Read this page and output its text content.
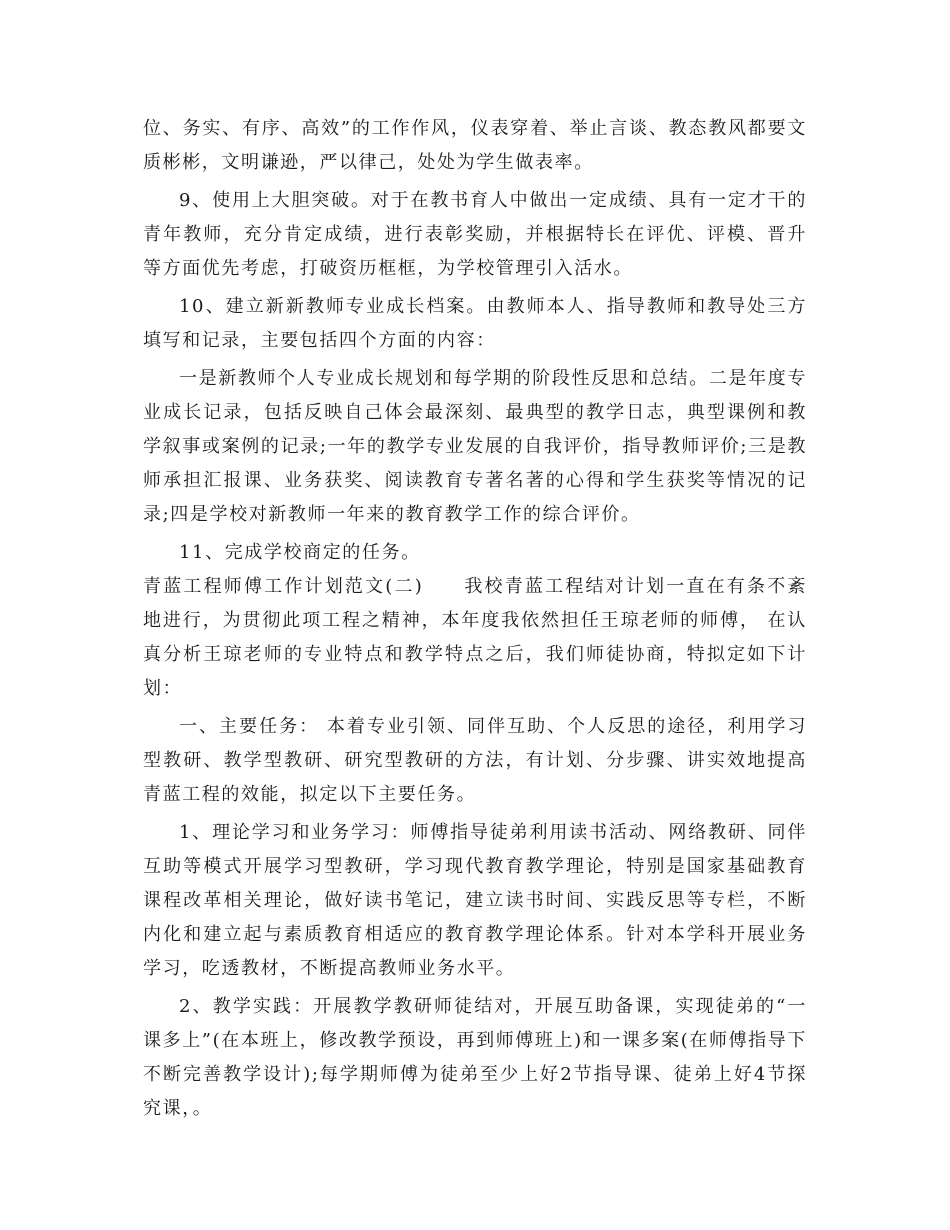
位、务实、有序、高效”的工作作风，仪表穿着、举止言谈、教态教风都要文质彬彬，文明谦逊，严以律己，处处为学生做表率。

9、使用上大胆突破。对于在教书育人中做出一定成绩、具有一定才干的青年教师，充分肯定成绩，进行表彰奖励，并根据特长在评优、评模、晋升等方面优先考虑，打破资历框框，为学校管理引入活水。

10、建立新新教师专业成长档案。由教师本人、指导教师和教导处三方填写和记录，主要包括四个方面的内容：

一是新教师个人专业成长规划和每学期的阶段性反思和总结。二是年度专业成长记录，包括反映自己体会最深刻、最典型的教学日志，典型课例和教学叙事或案例的记录;一年的教学专业发展的自我评价，指导教师评价;三是教师承担汇报课、业务获奖、阅读教育专著名著的心得和学生获奖等情况的记录;四是学校对新教师一年来的教育教学工作的综合评价。

11、完成学校商定的任务。

青蓝工程师傅工作计划范文(二)　　我校青蓝工程结对计划一直在有条不紊地进行，为贯彻此项工程之精神，本年度我依然担任王琼老师的师傅， 在认真分析王琼老师的专业特点和教学特点之后，我们师徒协商，特拟定如下计划：

一、主要任务： 本着专业引领、同伴互助、个人反思的途径，利用学习型教研、教学型教研、研究型教研的方法，有计划、分步骤、讲实效地提高青蓝工程的效能，拟定以下主要任务。

1、理论学习和业务学习：师傅指导徒弟利用读书活动、网络教研、同伴互助等模式开展学习型教研，学习现代教育教学理论，特别是国家基础教育课程改革相关理论，做好读书笔记，建立读书时间、实践反思等专栏，不断内化和建立起与素质教育相适应的教育教学理论体系。针对本学科开展业务学习，吃透教材，不断提高教师业务水平。

2、教学实践：开展教学教研师徒结对，开展互助备课，实现徒弟的“一课多上”(在本班上，修改教学预设，再到师傅班上)和一课多案(在师傅指导下不断完善教学设计);每学期师傅为徒弟至少上好2节指导课、徒弟上好4节探究课，。
